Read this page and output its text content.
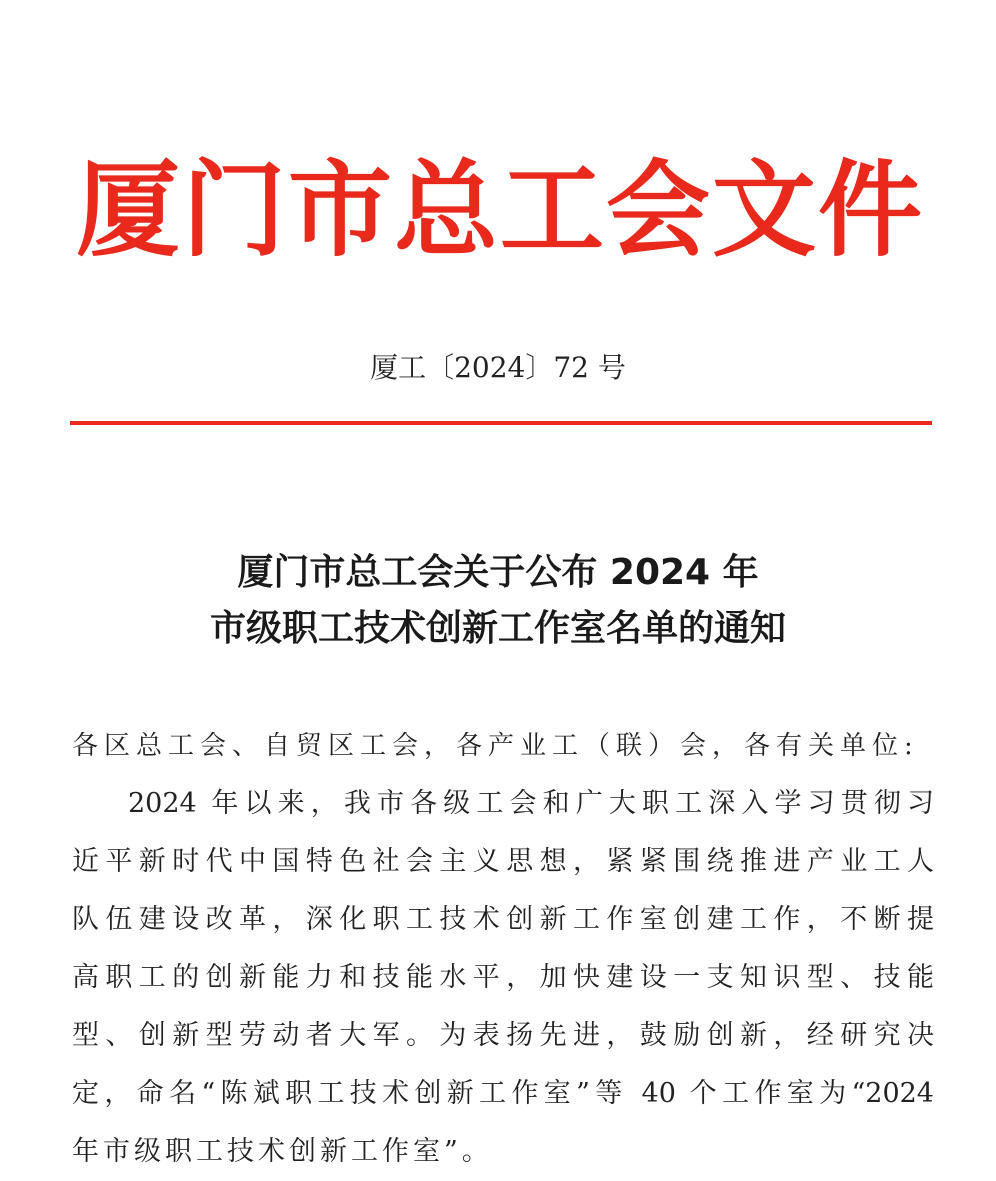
厦门市总工会文件
厦工〔2024〕72 号
厦门市总工会关于公布 2024 年
市级职工技术创新工作室名单的通知
各区总工会、自贸区工会，各产业工（联）会，各有关单位:
2024 年以来，我市各级工会和广大职工深入学习贯彻习
近平新时代中国特色社会主义思想，紧紧围绕推进产业工人
队伍建设改革，深化职工技术创新工作室创建工作，不断提
高职工的创新能力和技能水平，加快建设一支知识型、技能
型、创新型劳动者大军。为表扬先进，鼓励创新，经研究决
定，命名“陈斌职工技术创新工作室”等 40 个工作室为“2024
年市级职工技术创新工作室”。
